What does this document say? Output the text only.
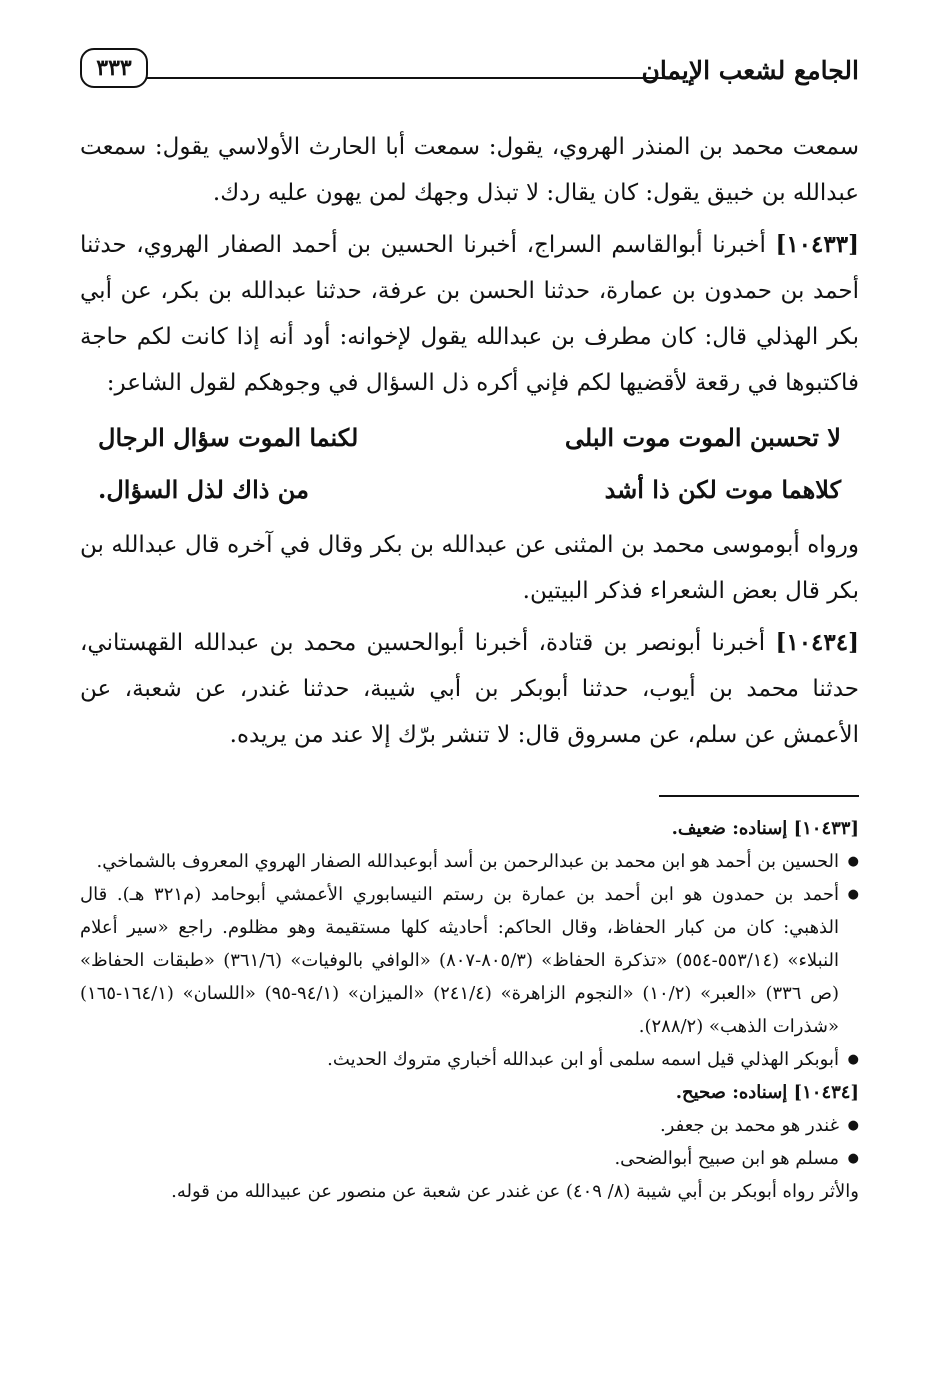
الجامع لشعب الإيمان
٣٣٣

سمعت محمد بن المنذر الهروي، يقول: سمعت أبا الحارث الأولاسي يقول: سمعت عبدالله بن خبيق يقول: كان يقال: لا تبذل وجهك لمن يهون عليه ردك.

[١٠٤٣٣] أخبرنا أبوالقاسم السراج، أخبرنا الحسين بن أحمد الصفار الهروي، حدثنا أحمد بن حمدون بن عمارة، حدثنا الحسن بن عرفة، حدثنا عبدالله بن بكر، عن أبي بكر الهذلي قال: كان مطرف بن عبدالله يقول لإخوانه: أود أنه إذا كانت لكم حاجة فاكتبوها في رقعة لأقضيها لكم فإني أكره ذل السؤال في وجوهكم لقول الشاعر:

لا تحسبن الموت موت البلى
لكنما الموت سؤال الرجال
كلاهما موت لكن ذا أشد
من ذاك لذل السؤال.

ورواه أبوموسى محمد بن المثنى عن عبدالله بن بكر وقال في آخره قال عبدالله بن بكر قال بعض الشعراء فذكر البيتين.

[١٠٤٣٤] أخبرنا أبونصر بن قتادة، أخبرنا أبوالحسين محمد بن عبدالله القهستاني، حدثنا محمد بن أيوب، حدثنا أبوبكر بن أبي شيبة، حدثنا غندر، عن شعبة، عن الأعمش عن سلم، عن مسروق قال: لا تنشر برّك إلا عند من يريده.

[١٠٤٣٣] إسناده: ضعيف.

● الحسين بن أحمد هو ابن محمد بن عبدالرحمن بن أسد أبوعبدالله الصفار الهروي المعروف بالشماخي.

● أحمد بن حمدون هو ابن أحمد بن عمارة بن رستم النيسابوري الأعمشي أبوحامد (م٣٢١ هـ). قال الذهبي: كان من كبار الحفاظ، وقال الحاكم: أحاديثه كلها مستقيمة وهو مظلوم. راجع «سير أعلام النبلاء» (٥٥٣/١٤-٥٥٤) «تذكرة الحفاظ» (٨٠٥/٣-٨٠٧) «الوافي بالوفيات» (٣٦١/٦) «طبقات الحفاظ» (ص ٣٣٦) «العبر» (١٠/٢) «النجوم الزاهرة» (٢٤١/٤) «الميزان» (٩٤/١-٩٥) «اللسان» (١٦٤/١-١٦٥) «شذرات الذهب» (٢٨٨/٢).

● أبوبكر الهذلي قيل اسمه سلمى أو ابن عبدالله أخباري متروك الحديث.

[١٠٤٣٤] إسناده: صحيح.

● غندر هو محمد بن جعفر.

● مسلم هو ابن صبيح أبوالضحى.

والأثر رواه أبوبكر بن أبي شيبة (٨/ ٤٠٩) عن غندر عن شعبة عن منصور عن عبيدالله من قوله.
